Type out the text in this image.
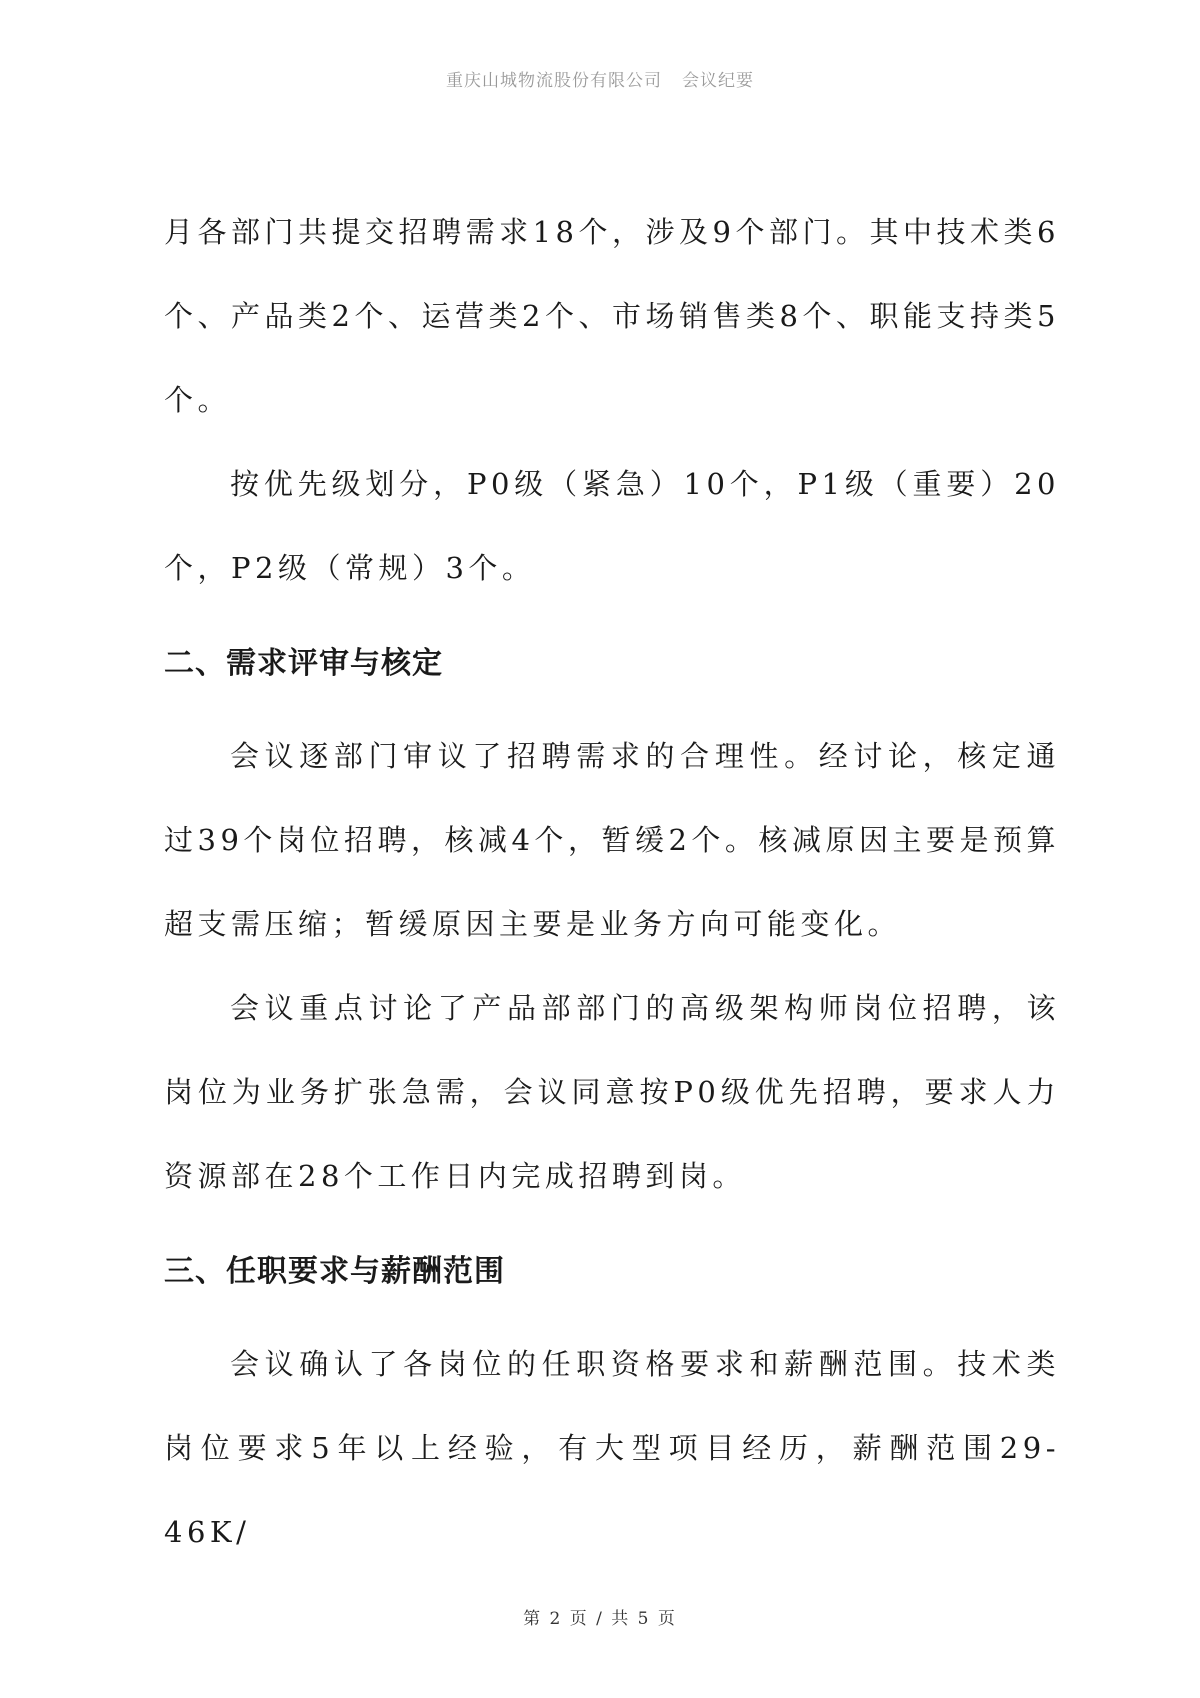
重庆山城物流股份有限公司 会议纪要

月各部门共提交招聘需求18个，涉及9个部门。其中技术类6个、产品类2个、运营类2个、市场销售类8个、职能支持类5个。

按优先级划分，P0级（紧急）10个，P1级（重要）20个，P2级（常规）3个。

二、需求评审与核定

会议逐部门审议了招聘需求的合理性。经讨论，核定通过39个岗位招聘，核减4个，暂缓2个。核减原因主要是预算超支需压缩；暂缓原因主要是业务方向可能变化。

会议重点讨论了产品部部门的高级架构师岗位招聘，该岗位为业务扩张急需，会议同意按P0级优先招聘，要求人力资源部在28个工作日内完成招聘到岗。

三、任职要求与薪酬范围

会议确认了各岗位的任职资格要求和薪酬范围。技术类岗位要求5年以上经验，有大型项目经历，薪酬范围29-46K/

第 2 页 / 共 5 页
